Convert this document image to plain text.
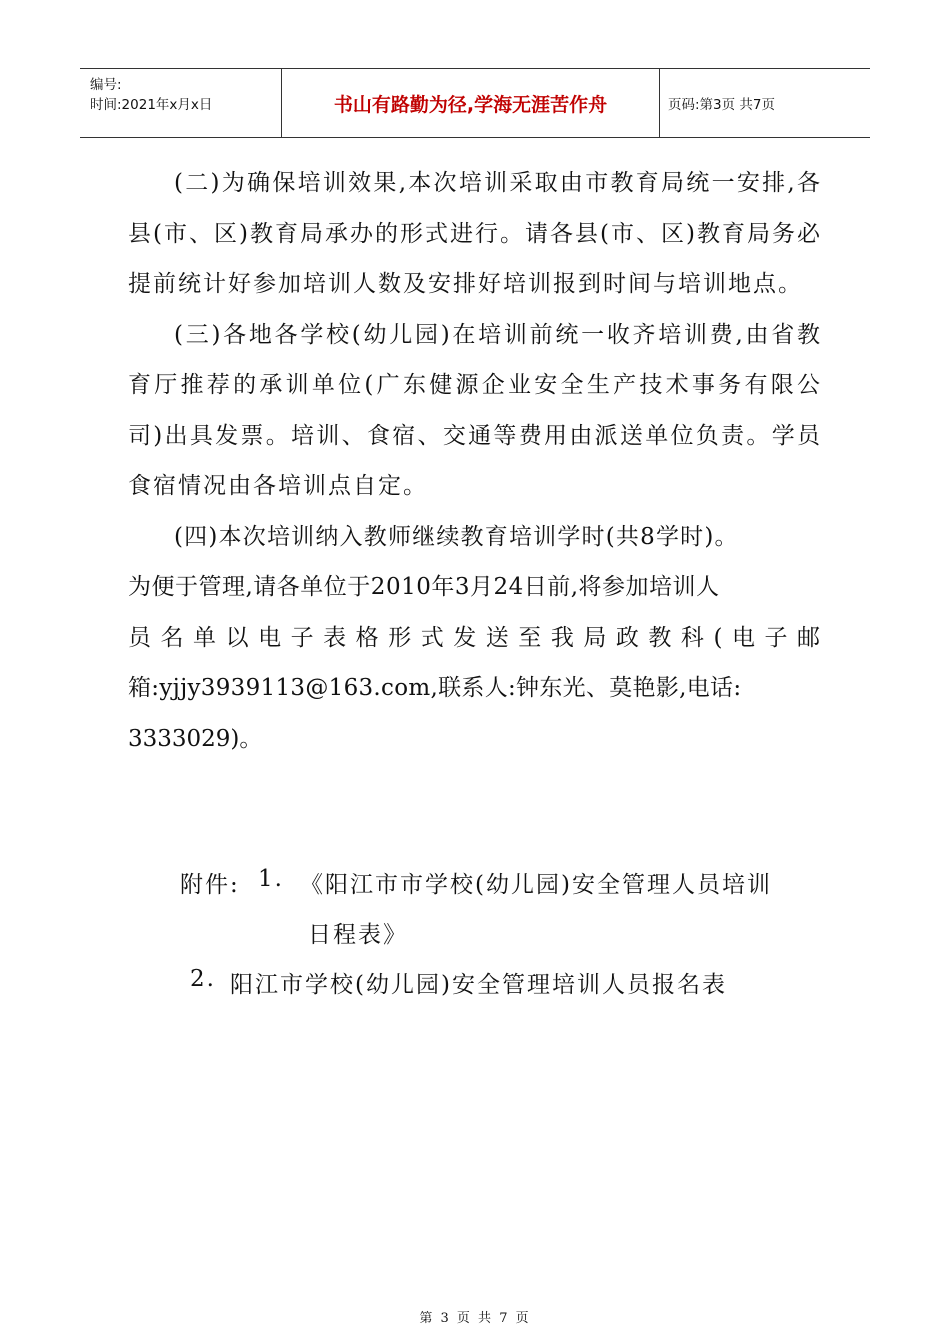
编号:
时间:2021年x月x日	书山有路勤为径,学海无涯苦作舟	页码:第3页 共7页
(二)为确保培训效果,本次培训采取由市教育局统一安排,各县(市、区)教育局承办的形式进行。请各县(市、区)教育局务必提前统计好参加培训人数及安排好培训报到时间与培训地点。
(三)各地各学校(幼儿园)在培训前统一收齐培训费,由省教育厅推荐的承训单位(广东健源企业安全生产技术事务有限公司)出具发票。培训、食宿、交通等费用由派送单位负责。学员食宿情况由各培训点自定。
(四)本次培训纳入教师继续教育培训学时(共8学时)。
为便于管理,请各单位于2010年3月24日前,将参加培训人
员名单以电子表格形式发送至我局政教科(电子邮
箱:yjjy3939113@163.com,联系人:钟东光、莫艳影,电话:
3333029)。
附件: 1. 《阳江市市学校(幼儿园)安全管理人员培训
日程表》
2. 阳江市学校(幼儿园)安全管理培训人员报名表
第 3 页 共 7 页
